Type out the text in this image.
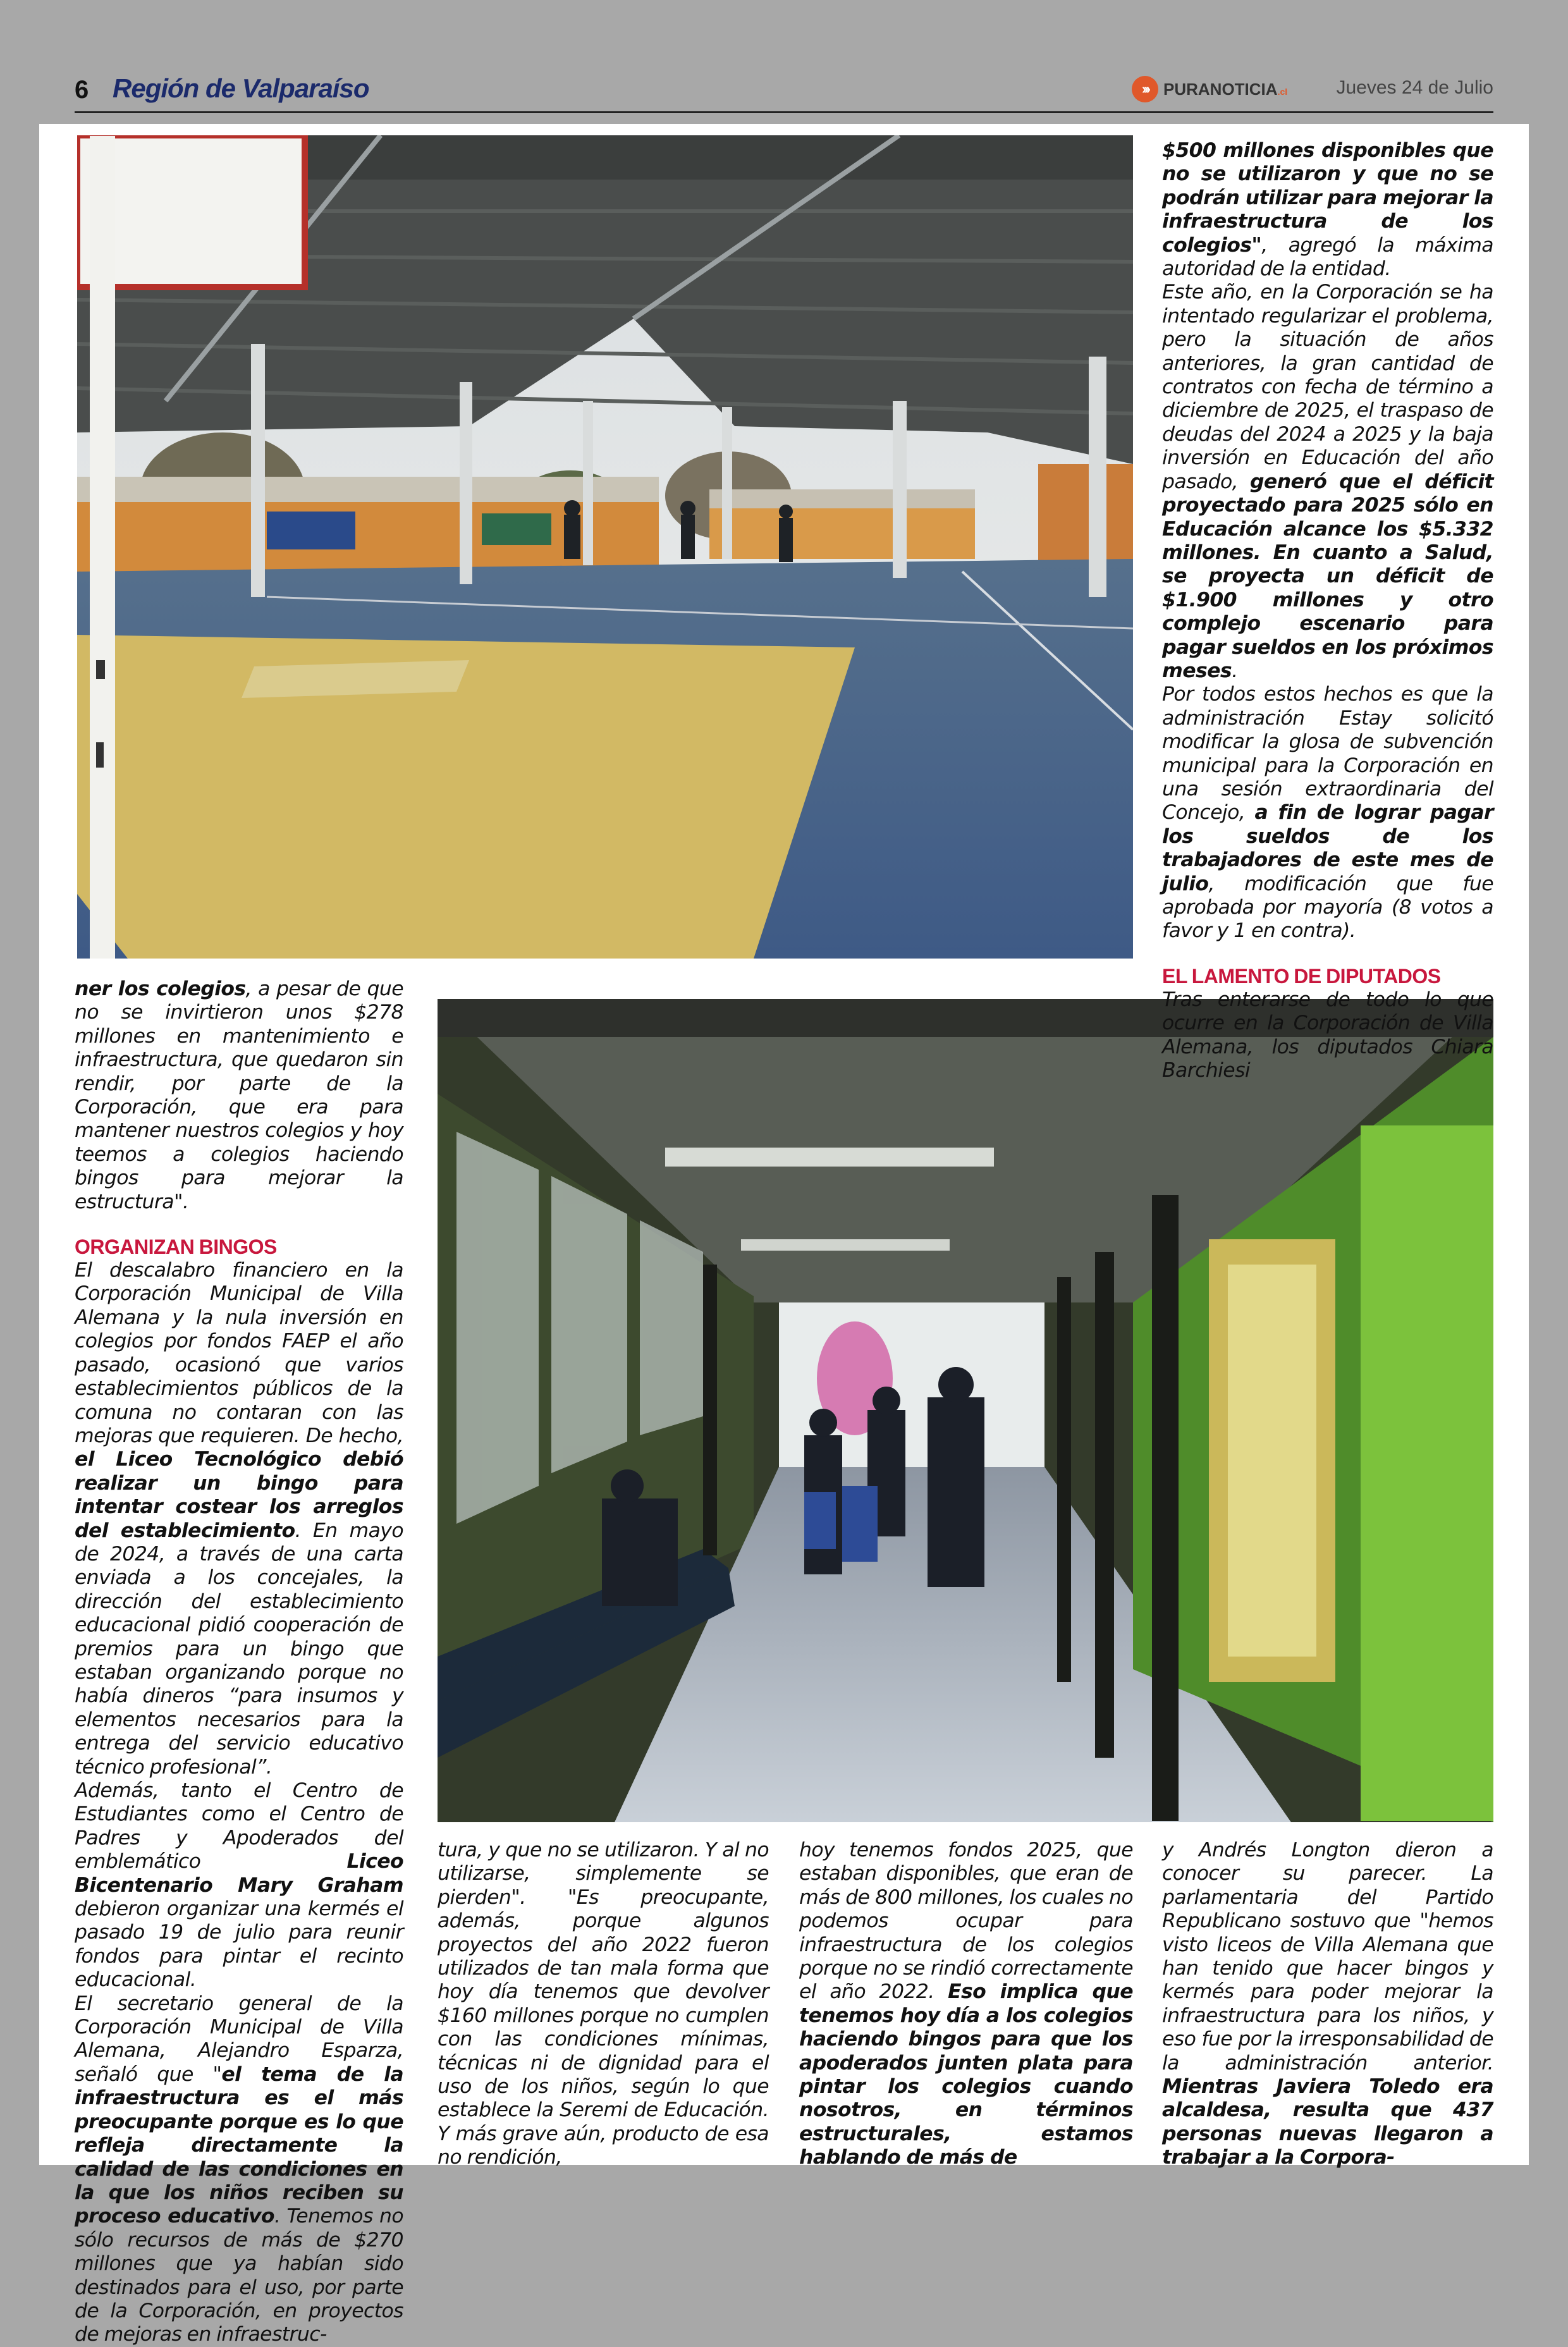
6 Región de Valparaíso	››› PURANOTICIA.cl	Jueves 24 de Julio

$500 millones disponibles que no se utilizaron y que no se podrán utilizar para mejorar la infraestructura de los colegios", agregó la máxima autoridad de la entidad.

Este año, en la Corporación se ha intentado regularizar el problema, pero la situación de años anteriores, la gran cantidad de contratos con fecha de término a diciembre de 2025, el traspaso de deudas del 2024 a 2025 y la baja inversión en Educación del año pasado, generó que el déficit proyectado para 2025 sólo en Educación alcance los $5.332 millones. En cuanto a Salud, se proyecta un déficit de $1.900 millones y otro complejo escenario para pagar sueldos en los próximos meses.

Por todos estos hechos es que la administración Estay solicitó modificar la glosa de subvención municipal para la Corporación en una sesión extraordinaria del Concejo, a fin de lograr pagar los sueldos de los trabajadores de este mes de julio, modificación que fue aprobada por mayoría (8 votos a favor y 1 en contra).

EL LAMENTO DE DIPUTADOS

Tras enterarse de todo lo que ocurre en la Corporación de Villa Alemana, los diputados Chiara Barchiesi

ner los colegios, a pesar de que no se invirtieron unos $278 millones en mantenimiento e infraestructura, que quedaron sin rendir, por parte de la Corporación, que era para mantener nuestros colegios y hoy teemos a colegios haciendo bingos para mejorar la estructura".

ORGANIZAN BINGOS

El descalabro financiero en la Corporación Municipal de Villa Alemana y la nula inversión en colegios por fondos FAEP el año pasado, ocasionó que varios establecimientos públicos de la comuna no contaran con las mejoras que requieren. De hecho, el Liceo Tecnológico debió realizar un bingo para intentar costear los arreglos del establecimiento. En mayo de 2024, a través de una carta enviada a los concejales, la dirección del establecimiento educacional pidió cooperación de premios para un bingo que estaban organizando porque no había dineros “para insumos y elementos necesarios para la entrega del servicio educativo técnico profesional”.

Además, tanto el Centro de Estudiantes como el Centro de Padres y Apoderados del emblemático Liceo Bicentenario Mary Graham debieron organizar una kermés el pasado 19 de julio para reunir fondos para pintar el recinto educacional.

El secretario general de la Corporación Municipal de Villa Alemana, Alejandro Esparza, señaló que "el tema de la infraestructura es el más preocupante porque es lo que refleja directamente la calidad de las condiciones en la que los niños reciben su proceso educativo. Tenemos no sólo recursos de más de $270 millones que ya habían sido destinados para el uso, por parte de la Corporación, en proyectos de mejoras en infraestruc-

tura, y que no se utilizaron. Y al no utilizarse, simplemente se pierden". "Es preocupante, además, porque algunos proyectos del año 2022 fueron utilizados de tan mala forma que hoy día tenemos que devolver $160 millones porque no cumplen con las condiciones mínimas, técnicas ni de dignidad para el uso de los niños, según lo que establece la Seremi de Educación. Y más grave aún, producto de esa no rendición,

hoy tenemos fondos 2025, que estaban disponibles, que eran de más de 800 millones, los cuales no podemos ocupar para infraestructura de los colegios porque no se rindió correctamente el año 2022. Eso implica que tenemos hoy día a los colegios haciendo bingos para que los apoderados junten plata para pintar los colegios cuando nosotros, en términos estructurales, estamos hablando de más de

y Andrés Longton dieron a conocer su parecer. La parlamentaria del Partido Republicano sostuvo que "hemos visto liceos de Villa Alemana que han tenido que hacer bingos y kermés para poder mejorar la infraestructura para los niños, y eso fue por la irresponsabilidad de la administración anterior. Mientras Javiera Toledo era alcaldesa, resulta que 437 personas nuevas llegaron a trabajar a la Corpora-
